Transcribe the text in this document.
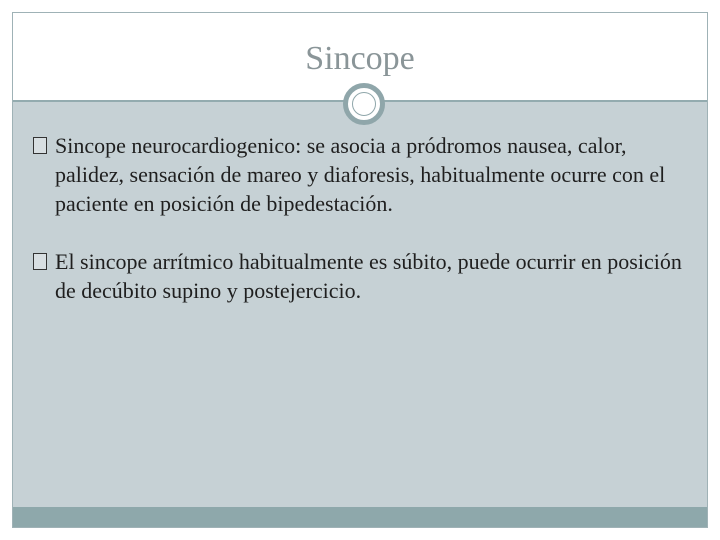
Sincope
Sincope neurocardiogenico: se asocia a pródromos nausea, calor, palidez, sensación de mareo y diaforesis, habitualmente ocurre con el paciente en posición de bipedestación.
El sincope arrítmico habitualmente es súbito, puede ocurrir en posición de decúbito supino y postejercicio.
